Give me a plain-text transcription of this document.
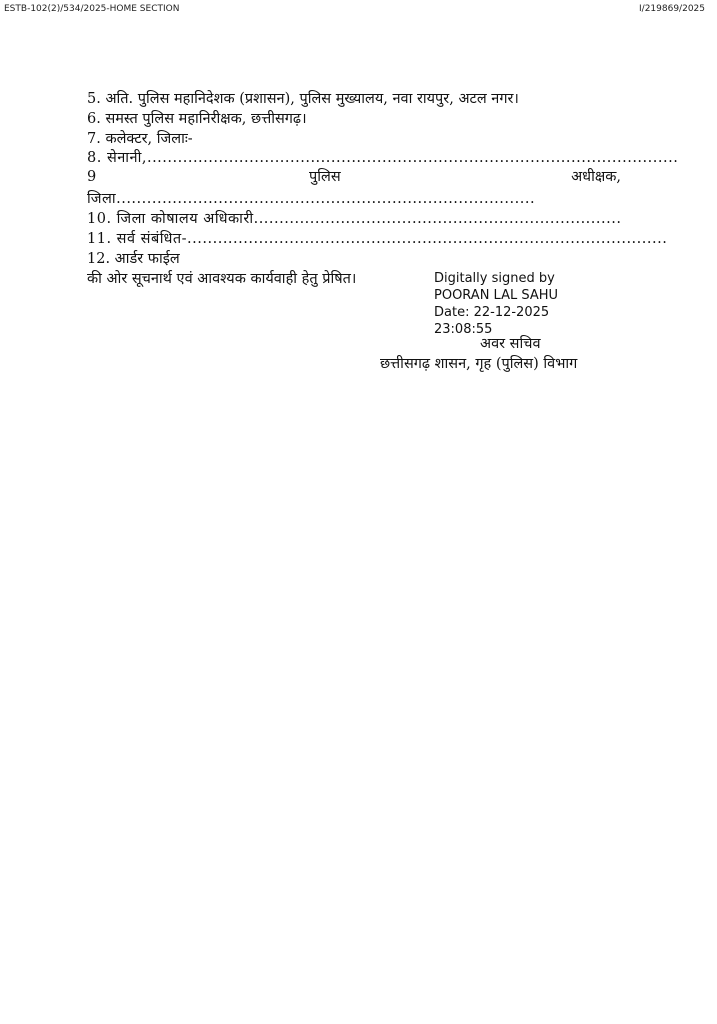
ESTB-102(2)/534/2025-HOME SECTION	I/219869/2025
5. अति. पुलिस महानिदेशक (प्रशासन), पुलिस मुख्यालय, नवा रायपुर, अटल नगर।
6. समस्त पुलिस महानिरीक्षक, छत्तीसगढ़।
7. कलेक्टर, जिलाः-
8. सेनानी,........................................................................................................
9	पुलिस	अधीक्षक,
जिला..................................................................................
10. जिला कोषालय अधिकारी........................................................................
11. सर्व संबंधित-..............................................................................................
12. आर्डर फाईल
की ओर सूचनार्थ एवं आवश्यक कार्यवाही हेतु प्रेषित।	Digitally signed by
POORAN LAL SAHU
Date: 22-12-2025
23:08:55
अवर सचिव
छत्तीसगढ़ शासन, गृह (पुलिस) विभाग
